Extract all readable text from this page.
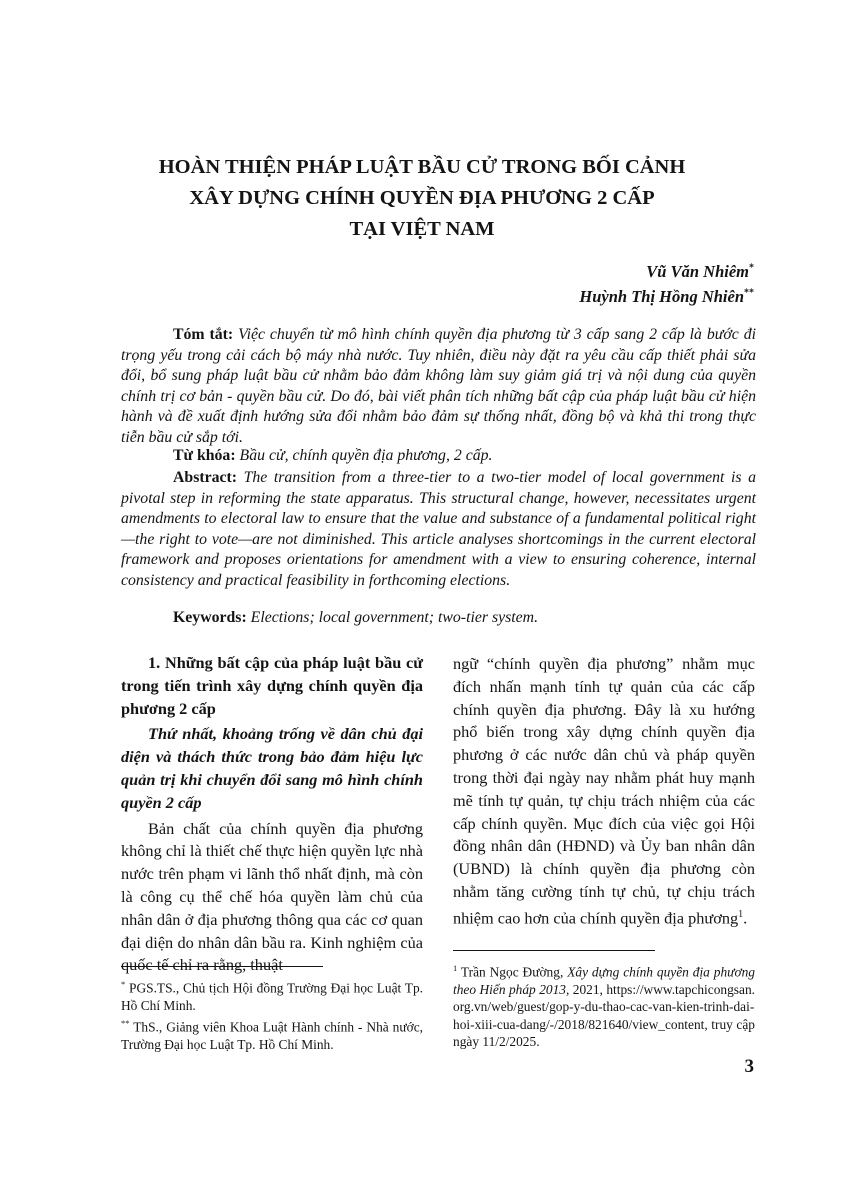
HOÀN THIỆN PHÁP LUẬT BẦU CỬ TRONG BỐI CẢNH
XÂY DỰNG CHÍNH QUYỀN ĐỊA PHƯƠNG 2 CẤP
TẠI VIỆT NAM
Vũ Văn Nhiêm*
Huỳnh Thị Hồng Nhiên**

Tóm tắt: Việc chuyển từ mô hình chính quyền địa phương từ 3 cấp sang 2 cấp là bước đi trọng yếu trong cải cách bộ máy nhà nước. Tuy nhiên, điều này đặt ra yêu cầu cấp thiết phải sửa đổi, bổ sung pháp luật bầu cử nhằm bảo đảm không làm suy giảm giá trị và nội dung của quyền chính trị cơ bản - quyền bầu cử. Do đó, bài viết phân tích những bất cập của pháp luật bầu cử hiện hành và đề xuất định hướng sửa đổi nhằm bảo đảm sự thống nhất, đồng bộ và khả thi trong thực tiễn bầu cử sắp tới.

Từ khóa: Bầu cử, chính quyền địa phương, 2 cấp.

Abstract: The transition from a three-tier to a two-tier model of local government is a pivotal step in reforming the state apparatus. This structural change, however, necessitates urgent amendments to electoral law to ensure that the value and substance of a fundamental political right—the right to vote—are not diminished. This article analyses shortcomings in the current electoral framework and proposes orientations for amendment with a view to ensuring coherence, internal consistency and practical feasibility in forthcoming elections.

Keywords: Elections; local government; two-tier system.

1. Những bất cập của pháp luật bầu cử trong tiến trình xây dựng chính quyền địa phương 2 cấp

Thứ nhất, khoảng trống về dân chủ đại diện và thách thức trong bảo đảm hiệu lực quản trị khi chuyển đổi sang mô hình chính quyền 2 cấp

Bản chất của chính quyền địa phương không chỉ là thiết chế thực hiện quyền lực nhà nước trên phạm vi lãnh thổ nhất định, mà còn là công cụ thể chế hóa quyền làm chủ của nhân dân ở địa phương thông qua các cơ quan đại diện do nhân dân bầu ra. Kinh nghiệm của quốc tế chỉ ra rằng, thuật

ngữ “chính quyền địa phương” nhằm mục đích nhấn mạnh tính tự quản của các cấp chính quyền địa phương. Đây là xu hướng phổ biến trong xây dựng chính quyền địa phương ở các nước dân chủ và pháp quyền trong thời đại ngày nay nhằm phát huy mạnh mẽ tính tự quản, tự chịu trách nhiệm của các cấp chính quyền. Mục đích của việc gọi Hội đồng nhân dân (HĐND) và Ủy ban nhân dân (UBND) là chính quyền địa phương còn nhằm tăng cường tính tự chủ, tự chịu trách nhiệm cao hơn của chính quyền địa phương$^1$.

* PGS.TS., Chủ tịch Hội đồng Trường Đại học Luật Tp. Hồ Chí Minh.
** ThS., Giảng viên Khoa Luật Hành chính - Nhà nước, Trường Đại học Luật Tp. Hồ Chí Minh.
$^1$ Trần Ngọc Đường, Xây dựng chính quyền địa phương theo Hiến pháp 2013, 2021, https://www.tapchicongsan.org.vn/web/guest/gop-y-du-thao-cac-van-kien-trinh-dai-hoi-xiii-cua-dang/-/2018/821640/view_content, truy cập ngày 11/2/2025.
3
